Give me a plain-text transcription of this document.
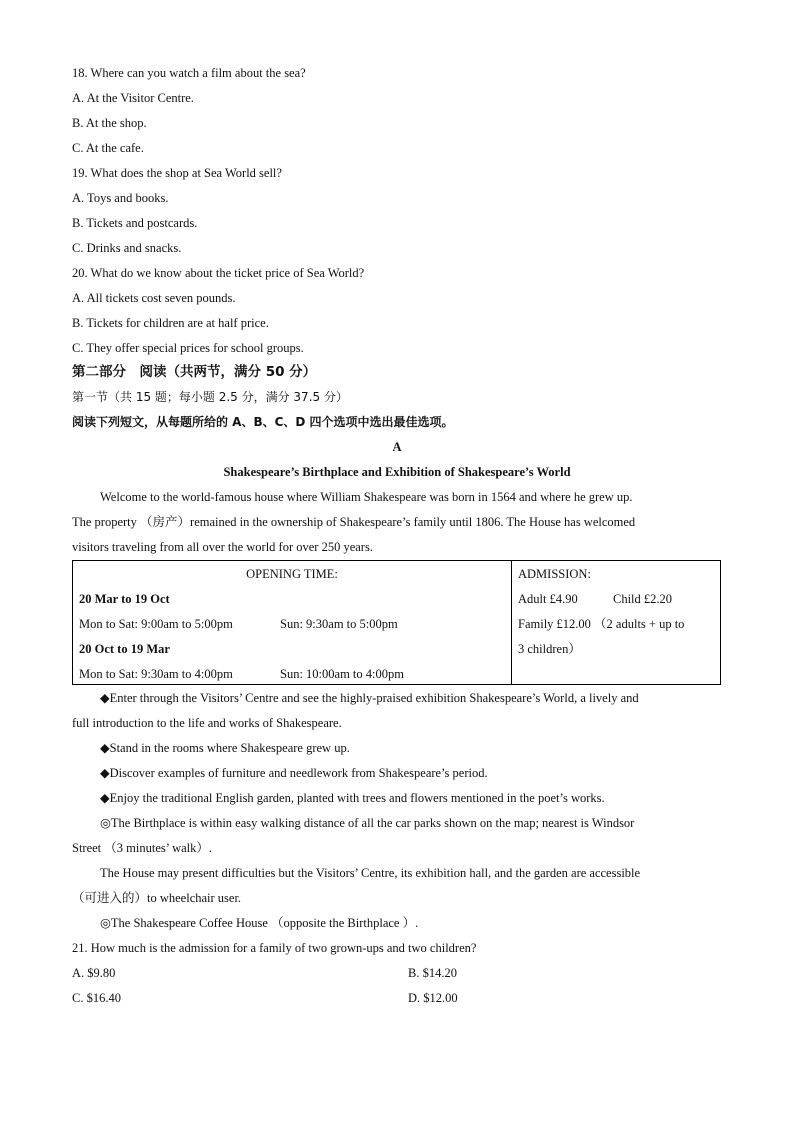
18. Where can you watch a film about the sea?
A. At the Visitor Centre.
B. At the shop.
C. At the cafe.
19. What does the shop at Sea World sell?
A. Toys and books.
B. Tickets and postcards.
C. Drinks and snacks.
20. What do we know about the ticket price of Sea World?
A. All tickets cost seven pounds.
B. Tickets for children are at half price.
C. They offer special prices for school groups.
第二部分　阅读（共两节，满分 50 分）
第一节（共 15 题；每小题 2.5 分，满分 37.5 分）
阅读下列短文，从每题所给的 A、B、C、D 四个选项中选出最佳选项。
A
Shakespeare’s Birthplace and Exhibition of Shakespeare’s World
Welcome to the world-famous house where William Shakespeare was born in 1564 and where he grew up.
The property （房产）remained in the ownership of Shakespeare’s family until 1806. The House has welcomed
visitors traveling from all over the world for over 250 years.
OPENING TIME:
20 Mar to 19 Oct
Mon to Sat: 9:00am to 5:00pm	Sun: 9:30am to 5:00pm
20 Oct to 19 Mar
Mon to Sat: 9:30am to 4:00pm	Sun: 10:00am to 4:00pm
ADMISSION:
Adult £4.90	Child £2.20
Family £12.00 （2 adults + up to
3 children）
◆Enter through the Visitors’ Centre and see the highly-praised exhibition Shakespeare’s World, a lively and
full introduction to the life and works of Shakespeare.
◆Stand in the rooms where Shakespeare grew up.
◆Discover examples of furniture and needlework from Shakespeare’s period.
◆Enjoy the traditional English garden, planted with trees and flowers mentioned in the poet’s works.
◎The Birthplace is within easy walking distance of all the car parks shown on the map; nearest is Windsor
Street （3 minutes’ walk）.
The House may present difficulties but the Visitors’ Centre, its exhibition hall, and the garden are accessible
（可进入的）to wheelchair user.
◎The Shakespeare Coffee House （opposite the Birthplace ）.
21. How much is the admission for a family of two grown-ups and two children?
A. $9.80	B. $14.20
C. $16.40	D. $12.00
